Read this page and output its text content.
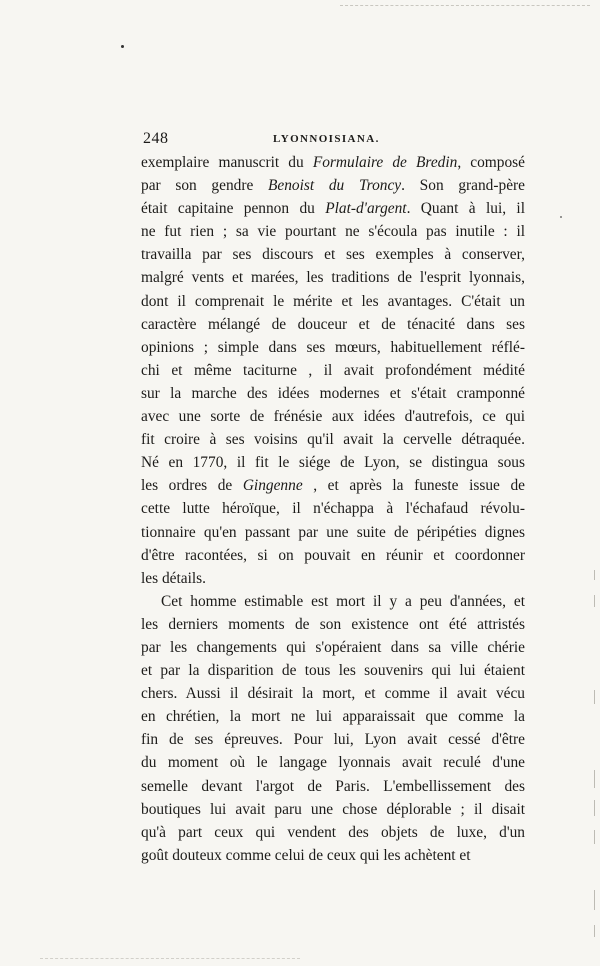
248	LYONNOISIANA.
exemplaire manuscrit du Formulaire de Bredin, composé
par son gendre Benoist du Troncy. Son grand-père
était capitaine pennon du Plat-d'argent. Quant à lui, il
ne fut rien ; sa vie pourtant ne s'écoula pas inutile : il
travailla par ses discours et ses exemples à conserver,
malgré vents et marées, les traditions de l'esprit lyonnais,
dont il comprenait le mérite et les avantages. C'était un
caractère mélangé de douceur et de ténacité dans ses
opinions ; simple dans ses mœurs, habituellement réflé-
chi et même taciturne , il avait profondément médité
sur la marche des idées modernes et s'était cramponné
avec une sorte de frénésie aux idées d'autrefois, ce qui
fit croire à ses voisins qu'il avait la cervelle détraquée.
Né en 1770, il fit le siége de Lyon, se distingua sous
les ordres de Gingenne , et après la funeste issue de
cette lutte héroïque, il n'échappa à l'échafaud révolu-
tionnaire qu'en passant par une suite de péripéties dignes
d'être racontées, si on pouvait en réunir et coordonner
les détails.
Cet homme estimable est mort il y a peu d'années, et
les derniers moments de son existence ont été attristés
par les changements qui s'opéraient dans sa ville chérie
et par la disparition de tous les souvenirs qui lui étaient
chers. Aussi il désirait la mort, et comme il avait vécu
en chrétien, la mort ne lui apparaissait que comme la
fin de ses épreuves. Pour lui, Lyon avait cessé d'être
du moment où le langage lyonnais avait reculé d'une
semelle devant l'argot de Paris. L'embellissement des
boutiques lui avait paru une chose déplorable ; il disait
qu'à part ceux qui vendent des objets de luxe, d'un
goût douteux comme celui de ceux qui les achètent et
